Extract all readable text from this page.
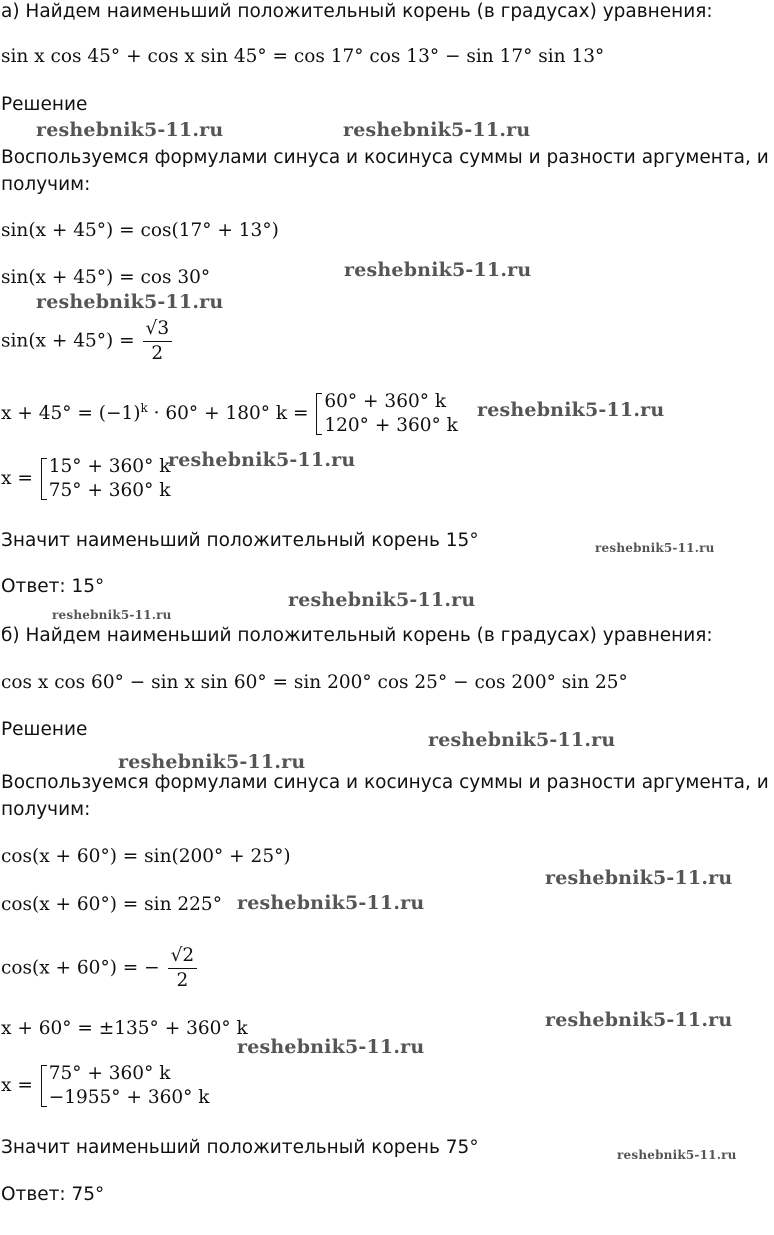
а) Найдем наименьший положительный корень (в градусах) уравнения:
sin x cos 45° + cos x sin 45° = cos 17° cos 13° − sin 17° sin 13°
Решение
Воспользуемся формулами синуса и косинуса суммы и разности аргумента, и
получим:
sin(x + 45°) = cos(17° + 13°)
sin(x + 45°) = cos 30°
$\sin(x + 45^\circ) = \frac{√3}{2}$
$x + 45^\circ = (-1)^k \cdot 60^\circ + 180^\circ$ k =
60° + 360° k
120° + 360° k
x =
15° + 360° k
75° + 360° k
Значит наименьший положительный корень 15°
Ответ: 15°
б) Найдем наименьший положительный корень (в градусах) уравнения:
cos x cos 60° − sin x sin 60° = sin 200° cos 25° − cos 200° sin 25°
Решение
Воспользуемся формулами синуса и косинуса суммы и разности аргумента, и
получим:
cos(x + 60°) = sin(200° + 25°)
cos(x + 60°) = sin 225°
cos(x + 60°) = − $\frac{√2}{2}$
x + 60° = ±135° + 360° k
x =
75° + 360° k
−1955° + 360° k
Значит наименьший положительный корень 75°
Ответ: 75°
reshebnik5-11.ru	reshebnik5-11.ru
reshebnik5-11.ru
reshebnik5-11.ru
reshebnik5-11.ru
reshebnik5-11.ru
reshebnik5-11.ru
reshebnik5-11.ru
reshebnik5-11.ru
reshebnik5-11.ru
reshebnik5-11.ru
reshebnik5-11.ru
reshebnik5-11.ru
reshebnik5-11.ru
reshebnik5-11.ru
reshebnik5-11.ru
